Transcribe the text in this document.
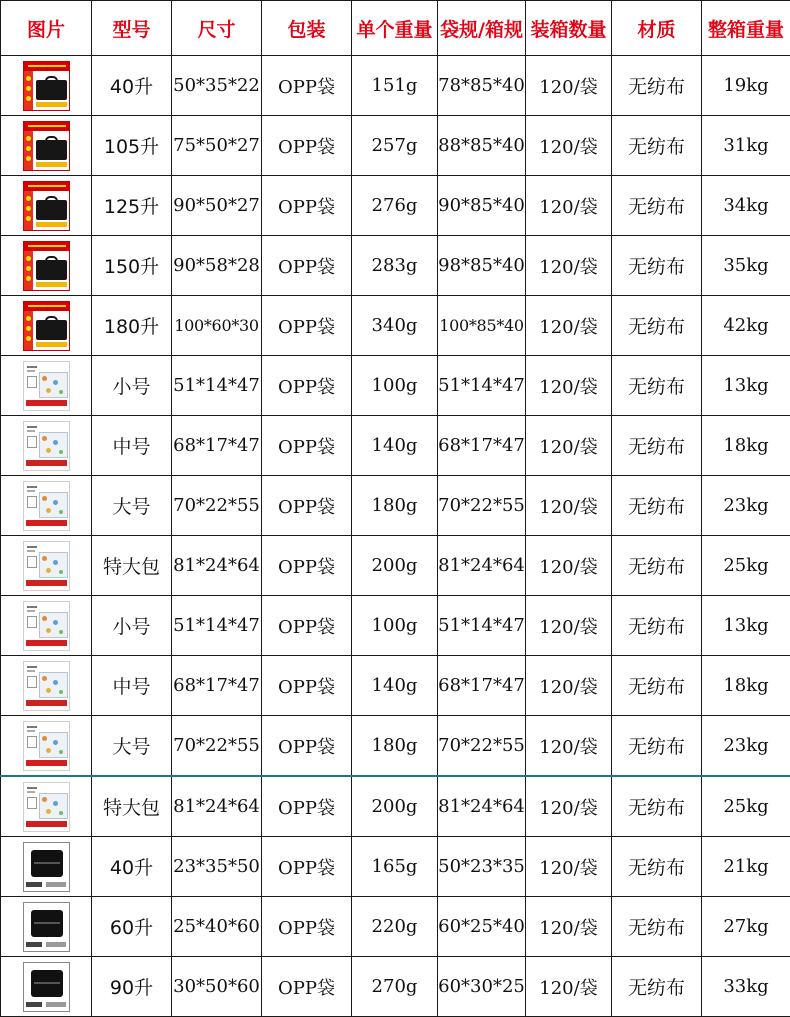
图片	型号	尺寸	包装	单个重量	袋规/箱规	装箱数量	材质	整箱重量

	40升	50*35*22	OPP袋	151g	78*85*40	120/袋	无纺布	19kg

	105升	75*50*27	OPP袋	257g	88*85*40	120/袋	无纺布	31kg

	125升	90*50*27	OPP袋	276g	90*85*40	120/袋	无纺布	34kg

	150升	90*58*28	OPP袋	283g	98*85*40	120/袋	无纺布	35kg

	180升	100*60*30	OPP袋	340g	100*85*40	120/袋	无纺布	42kg

	小号	51*14*47	OPP袋	100g	51*14*47	120/袋	无纺布	13kg

	中号	68*17*47	OPP袋	140g	68*17*47	120/袋	无纺布	18kg

	大号	70*22*55	OPP袋	180g	70*22*55	120/袋	无纺布	23kg

	特大包	81*24*64	OPP袋	200g	81*24*64	120/袋	无纺布	25kg

	小号	51*14*47	OPP袋	100g	51*14*47	120/袋	无纺布	13kg

	中号	68*17*47	OPP袋	140g	68*17*47	120/袋	无纺布	18kg

	大号	70*22*55	OPP袋	180g	70*22*55	120/袋	无纺布	23kg

	特大包	81*24*64	OPP袋	200g	81*24*64	120/袋	无纺布	25kg

	40升	23*35*50	OPP袋	165g	50*23*35	120/袋	无纺布	21kg

	60升	25*40*60	OPP袋	220g	60*25*40	120/袋	无纺布	27kg

	90升	30*50*60	OPP袋	270g	60*30*25	120/袋	无纺布	33kg
